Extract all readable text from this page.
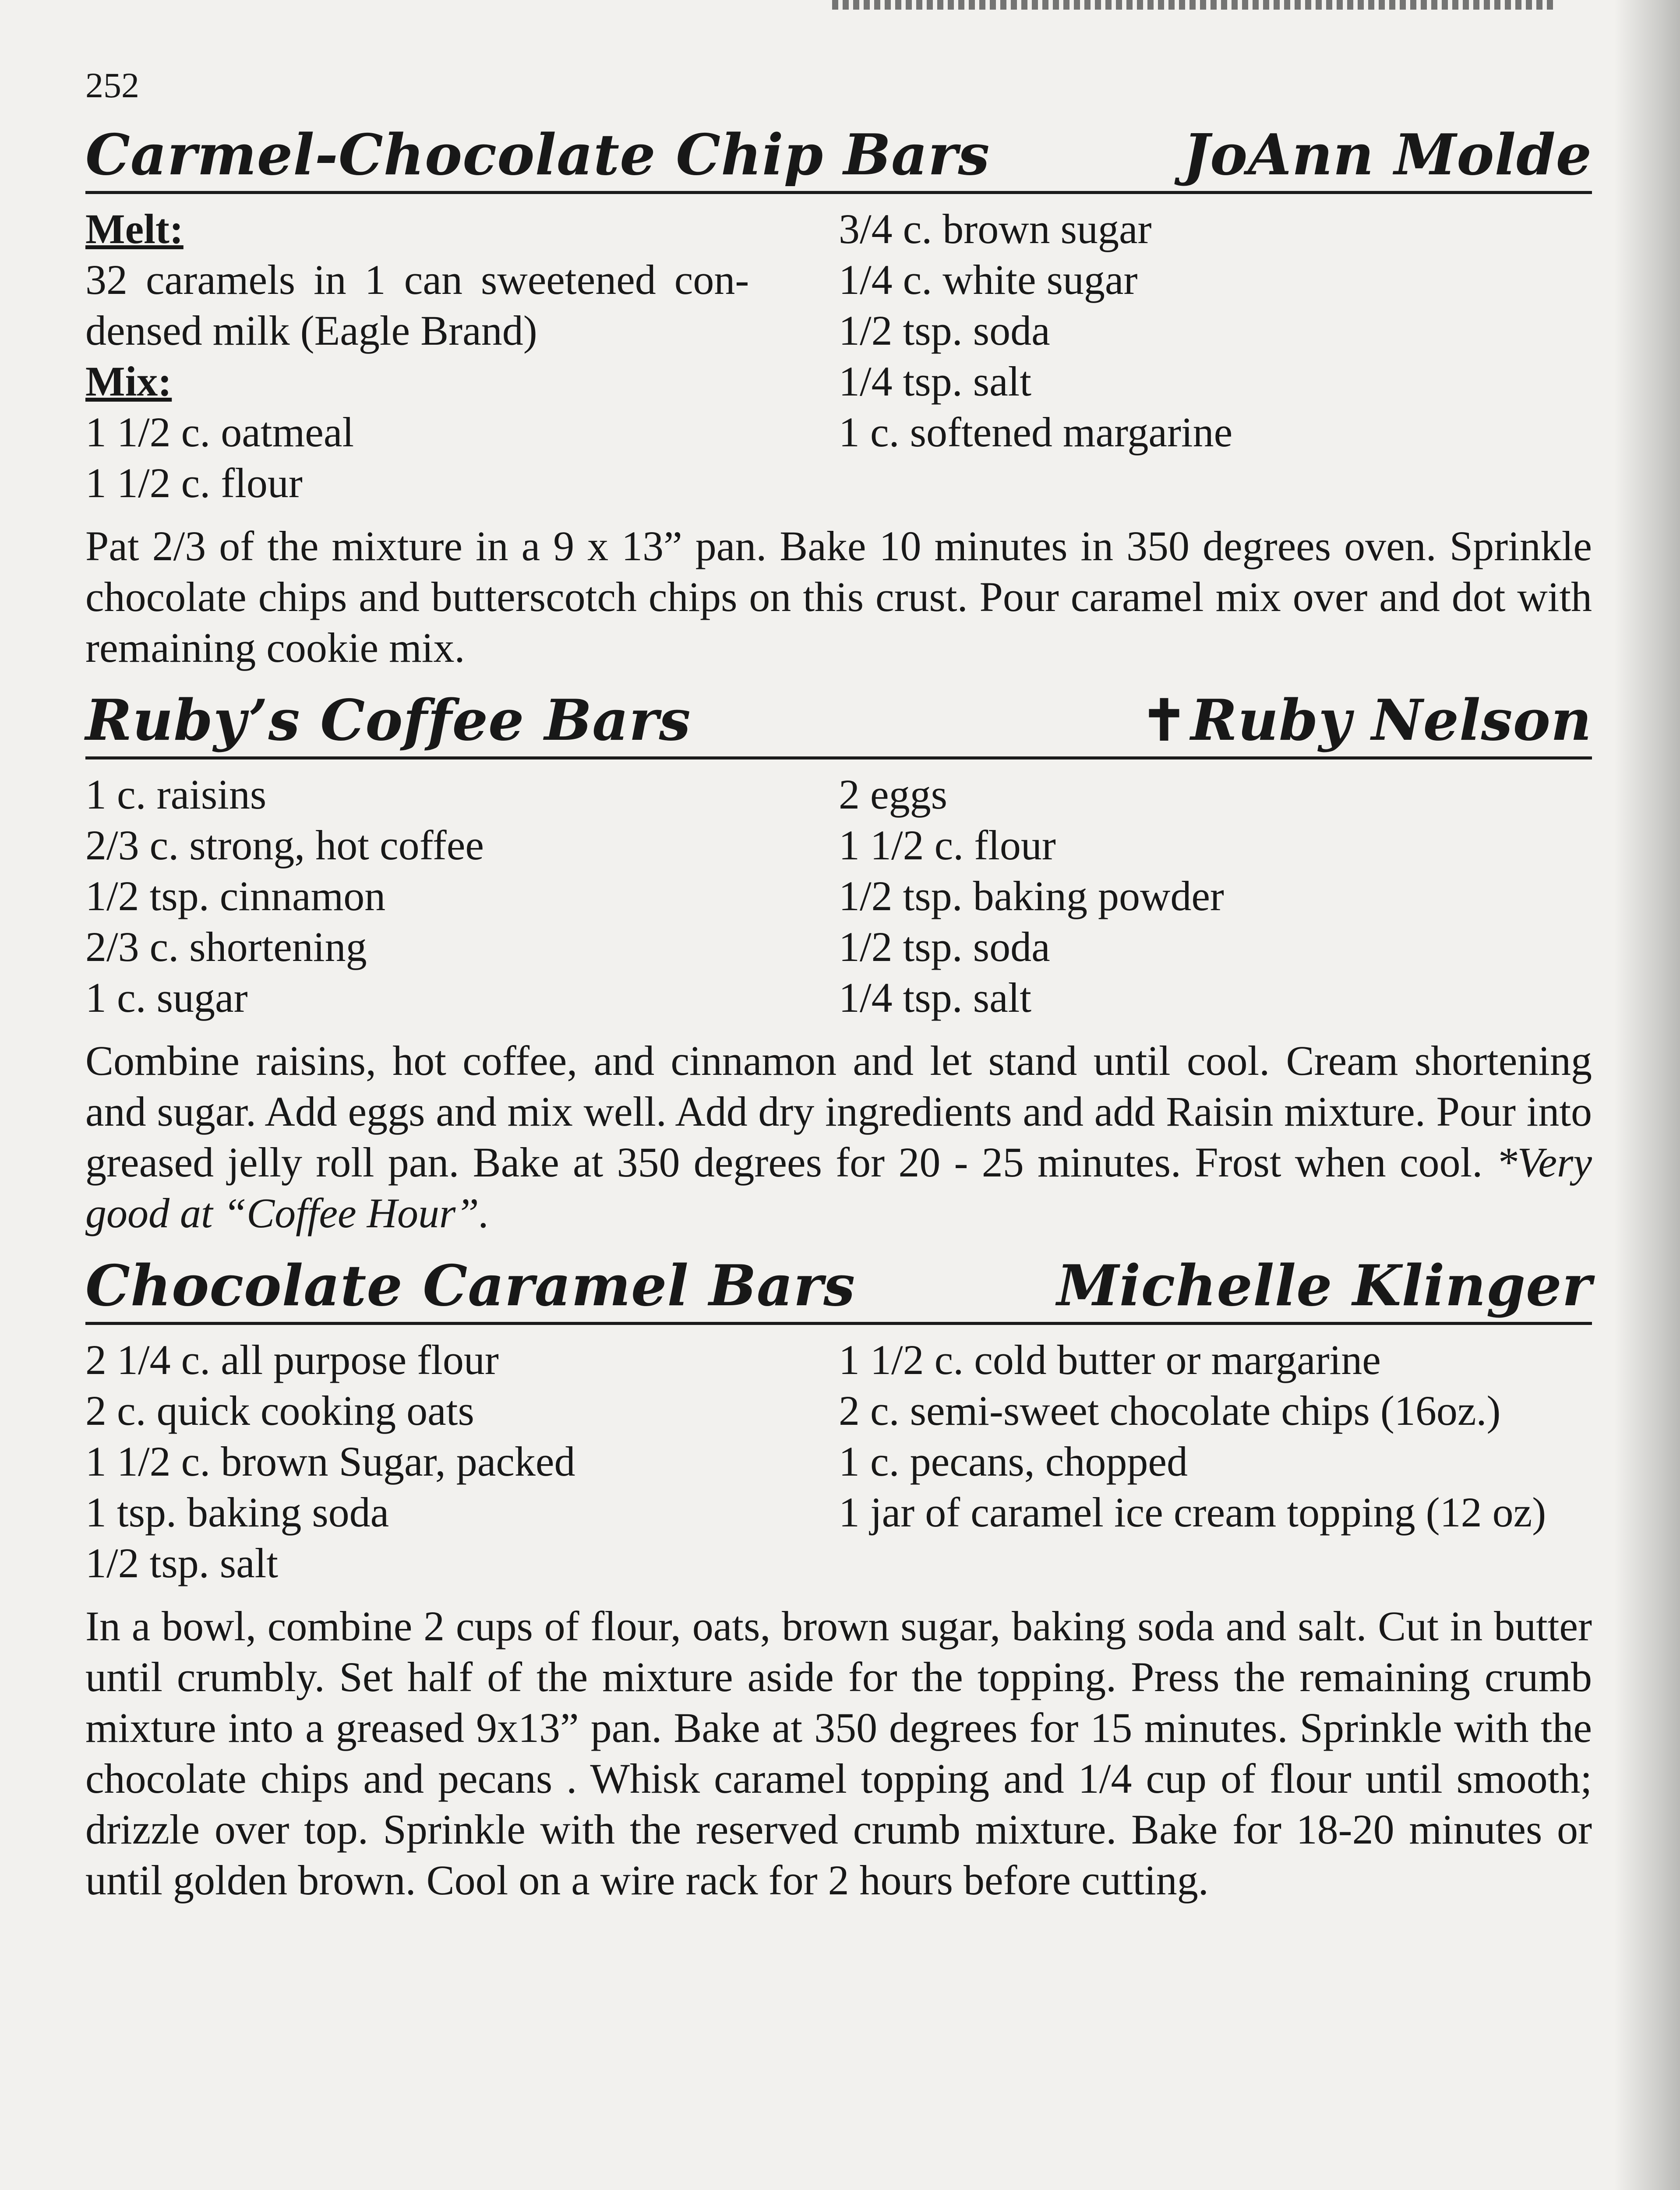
252
Carmel-Chocolate Chip Bars	JoAnn Molde
Melt:
32 caramels in 1 can sweetened con-
densed milk (Eagle Brand)
Mix:
1 1/2 c. oatmeal
1 1/2 c. flour
3/4 c. brown sugar
1/4 c. white sugar
1/2 tsp. soda
1/4 tsp. salt
1 c. softened margarine

Pat 2/3 of the mixture in a 9 x 13” pan. Bake 10 minutes in 350 degrees oven. Sprinkle chocolate chips and butterscotch chips on this crust. Pour caramel mix over and dot with remaining cookie mix.

Ruby’s Coffee Bars	✝Ruby Nelson
1 c. raisins
2/3 c. strong, hot coffee
1/2 tsp. cinnamon
2/3 c. shortening
1 c. sugar
2 eggs
1 1/2 c. flour
1/2 tsp. baking powder
1/2 tsp. soda
1/4 tsp. salt

Combine raisins, hot coffee, and cinnamon and let stand until cool. Cream shortening and sugar. Add eggs and mix well. Add dry ingredients and add Raisin mixture. Pour into greased jelly roll pan. Bake at 350 degrees for 20 - 25 minutes. Frost when cool. *Very good at “Coffee Hour”.

Chocolate Caramel Bars	Michelle Klinger
2 1/4 c. all purpose flour
2 c. quick cooking oats
1 1/2 c. brown Sugar, packed
1 tsp. baking soda
1/2 tsp. salt
1 1/2 c. cold butter or margarine
2 c. semi-sweet chocolate chips (16oz.)
1 c. pecans, chopped
1 jar of caramel ice cream topping (12 oz)

In a bowl, combine 2 cups of flour, oats, brown sugar, baking soda and salt. Cut in butter until crumbly. Set half of the mixture aside for the topping. Press the remaining crumb mixture into a greased 9x13” pan. Bake at 350 degrees for 15 minutes. Sprinkle with the chocolate chips and pecans . Whisk caramel topping and 1/4 cup of flour until smooth; drizzle over top. Sprinkle with the reserved crumb mixture. Bake for 18-20 minutes or until golden brown. Cool on a wire rack for 2 hours before cutting.
